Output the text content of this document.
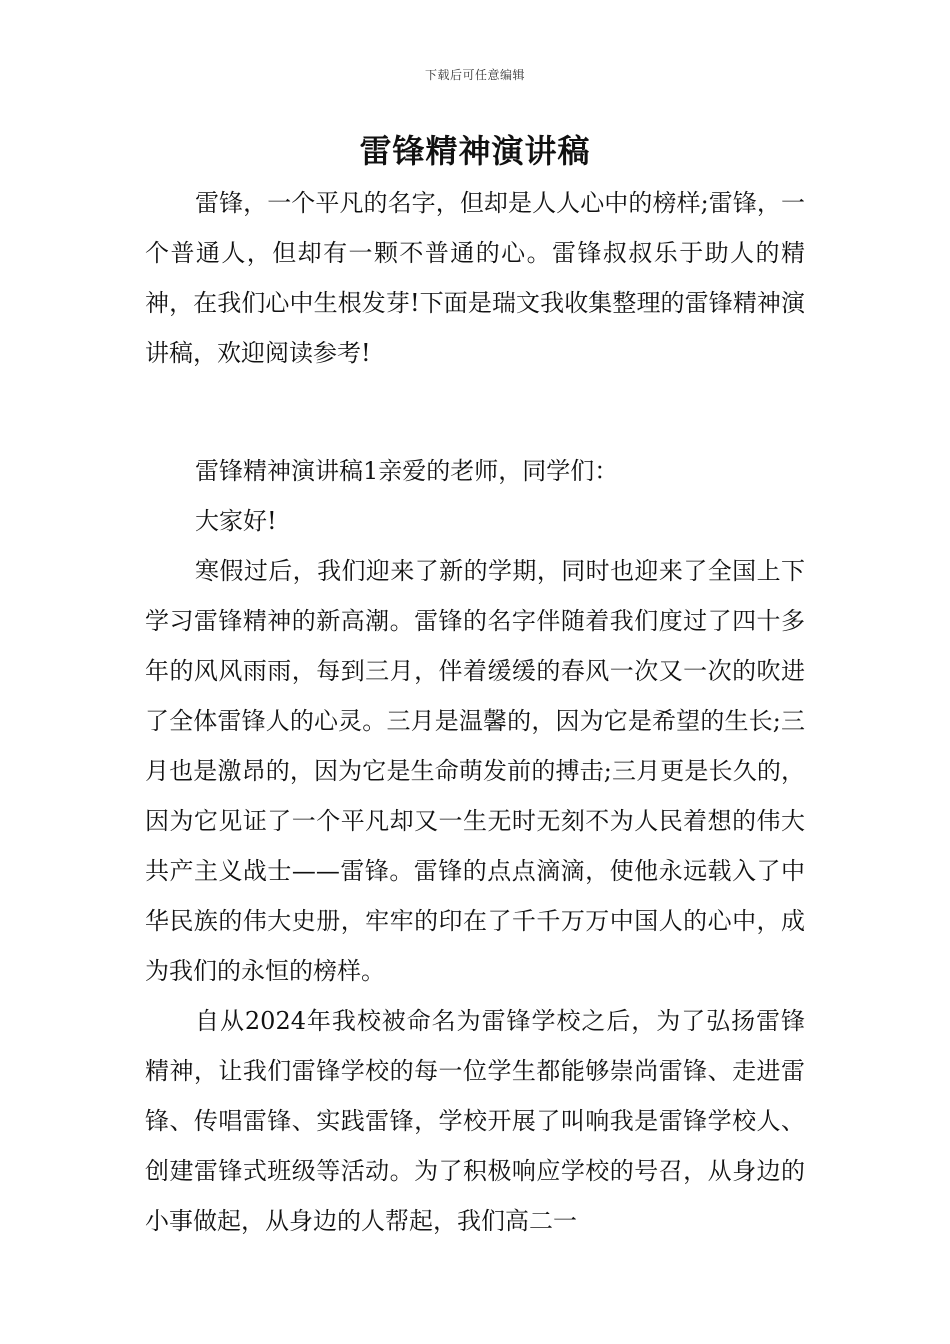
下载后可任意编辑
雷锋精神演讲稿

雷锋，一个平凡的名字，但却是人人心中的榜样;雷锋，一个普通人，但却有一颗不普通的心。雷锋叔叔乐于助人的精神，在我们心中生根发芽!下面是瑞文我收集整理的雷锋精神演讲稿，欢迎阅读参考!

雷锋精神演讲稿1亲爱的老师，同学们：

大家好!

寒假过后，我们迎来了新的学期，同时也迎来了全国上下学习雷锋精神的新高潮。雷锋的名字伴随着我们度过了四十多年的风风雨雨，每到三月，伴着缓缓的春风一次又一次的吹进了全体雷锋人的心灵。三月是温馨的，因为它是希望的生长;三月也是激昂的，因为它是生命萌发前的搏击;三月更是长久的，因为它见证了一个平凡却又一生无时无刻不为人民着想的伟大共产主义战士——雷锋。雷锋的点点滴滴，使他永远载入了中华民族的伟大史册，牢牢的印在了千千万万中国人的心中，成为我们的永恒的榜样。

自从2024年我校被命名为雷锋学校之后，为了弘扬雷锋精神，让我们雷锋学校的每一位学生都能够崇尚雷锋、走进雷锋、传唱雷锋、实践雷锋，学校开展了叫响我是雷锋学校人、创建雷锋式班级等活动。为了积极响应学校的号召，从身边的小事做起，从身边的人帮起，我们高二一
